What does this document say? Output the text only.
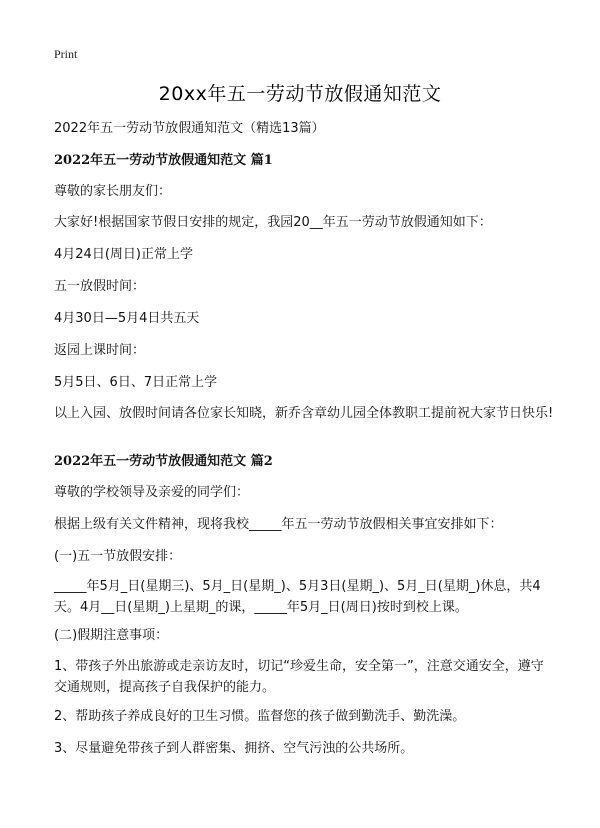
Print
20xx年五一劳动节放假通知范文
2022年五一劳动节放假通知范文（精选13篇）
2022年五一劳动节放假通知范文 篇1
尊敬的家长朋友们：
大家好!根据国家节假日安排的规定，我园20__年五一劳动节放假通知如下：
4月24日(周日)正常上学
五一放假时间：
4月30日—5月4日共五天
返园上课时间：
5月5日、6日、7日正常上学
以上入园、放假时间请各位家长知晓，新乔含章幼儿园全体教职工提前祝大家节日快乐!
2022年五一劳动节放假通知范文 篇2
尊敬的学校领导及亲爱的同学们：
根据上级有关文件精神，现将我校_____年五一劳动节放假相关事宜安排如下：
(一)五一节放假安排：
_____年5月_日(星期三)、5月_日(星期_)、5月3日(星期_)、5月_日(星期_)休息，共4天。4月__日(星期_)上星期_的课，_____年5月_日(周日)按时到校上课。
(二)假期注意事项：
1、带孩子外出旅游或走亲访友时，切记“珍爱生命，安全第一”，注意交通安全，遵守交通规则，提高孩子自我保护的能力。
2、帮助孩子养成良好的卫生习惯。监督您的孩子做到勤洗手、勤洗澡。
3、尽量避免带孩子到人群密集、拥挤、空气污浊的公共场所。
